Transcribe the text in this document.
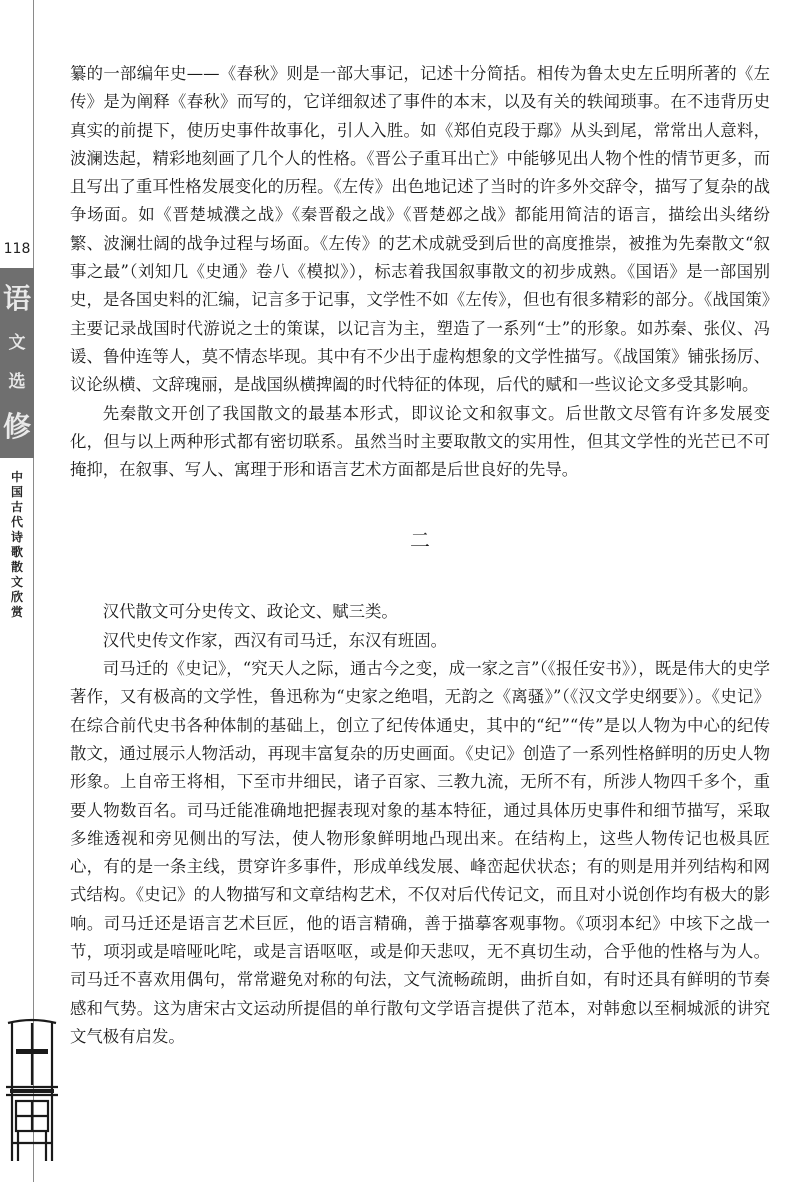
118
语
文
选
修
中
国
古
代
诗
歌
散
文
欣
赏

纂的一部编年史——《春秋》则是一部大事记，记述十分简括。相传为鲁太史左丘明所著的《左传》是为阐释《春秋》而写的，它详细叙述了事件的本末，以及有关的轶闻琐事。在不违背历史真实的前提下，使历史事件故事化，引人入胜。如《郑伯克段于鄢》从头到尾，常常出人意料，波澜迭起，精彩地刻画了几个人的性格。《晋公子重耳出亡》中能够见出人物个性的情节更多，而且写出了重耳性格发展变化的历程。《左传》出色地记述了当时的许多外交辞令，描写了复杂的战争场面。如《晋楚城濮之战》《秦晋殽之战》《晋楚邲之战》都能用简洁的语言，描绘出头绪纷繁、波澜壮阔的战争过程与场面。《左传》的艺术成就受到后世的高度推崇，被推为先秦散文“叙事之最”（刘知几《史通》卷八《模拟》），标志着我国叙事散文的初步成熟。《国语》是一部国别史，是各国史料的汇编，记言多于记事，文学性不如《左传》，但也有很多精彩的部分。《战国策》主要记录战国时代游说之士的策谋，以记言为主，塑造了一系列“士”的形象。如苏秦、张仪、冯谖、鲁仲连等人，莫不情态毕现。其中有不少出于虚构想象的文学性描写。《战国策》铺张扬厉、议论纵横、文辞瑰丽，是战国纵横捭阖的时代特征的体现，后代的赋和一些议论文多受其影响。

先秦散文开创了我国散文的最基本形式，即议论文和叙事文。后世散文尽管有许多发展变化，但与以上两种形式都有密切联系。虽然当时主要取散文的实用性，但其文学性的光芒已不可掩抑，在叙事、写人、寓理于形和语言艺术方面都是后世良好的先导。

二

汉代散文可分史传文、政论文、赋三类。

汉代史传文作家，西汉有司马迁，东汉有班固。

司马迁的《史记》，“究天人之际，通古今之变，成一家之言”（《报任安书》），既是伟大的史学著作，又有极高的文学性，鲁迅称为“史家之绝唱，无韵之《离骚》”（《汉文学史纲要》）。《史记》在综合前代史书各种体制的基础上，创立了纪传体通史，其中的“纪”“传”是以人物为中心的纪传散文，通过展示人物活动，再现丰富复杂的历史画面。《史记》创造了一系列性格鲜明的历史人物形象。上自帝王将相，下至市井细民，诸子百家、三教九流，无所不有，所涉人物四千多个，重要人物数百名。司马迁能准确地把握表现对象的基本特征，通过具体历史事件和细节描写，采取多维透视和旁见侧出的写法，使人物形象鲜明地凸现出来。在结构上，这些人物传记也极具匠心，有的是一条主线，贯穿许多事件，形成单线发展、峰峦起伏状态；有的则是用并列结构和网式结构。《史记》的人物描写和文章结构艺术，不仅对后代传记文，而且对小说创作均有极大的影响。司马迁还是语言艺术巨匠，他的语言精确，善于描摹客观事物。《项羽本纪》中垓下之战一节，项羽或是喑哑叱咤，或是言语呕呕，或是仰天悲叹，无不真切生动，合乎他的性格与为人。司马迁不喜欢用偶句，常常避免对称的句法，文气流畅疏朗，曲折自如，有时还具有鲜明的节奏感和气势。这为唐宋古文运动所提倡的单行散句文学语言提供了范本，对韩愈以至桐城派的讲究文气极有启发。
